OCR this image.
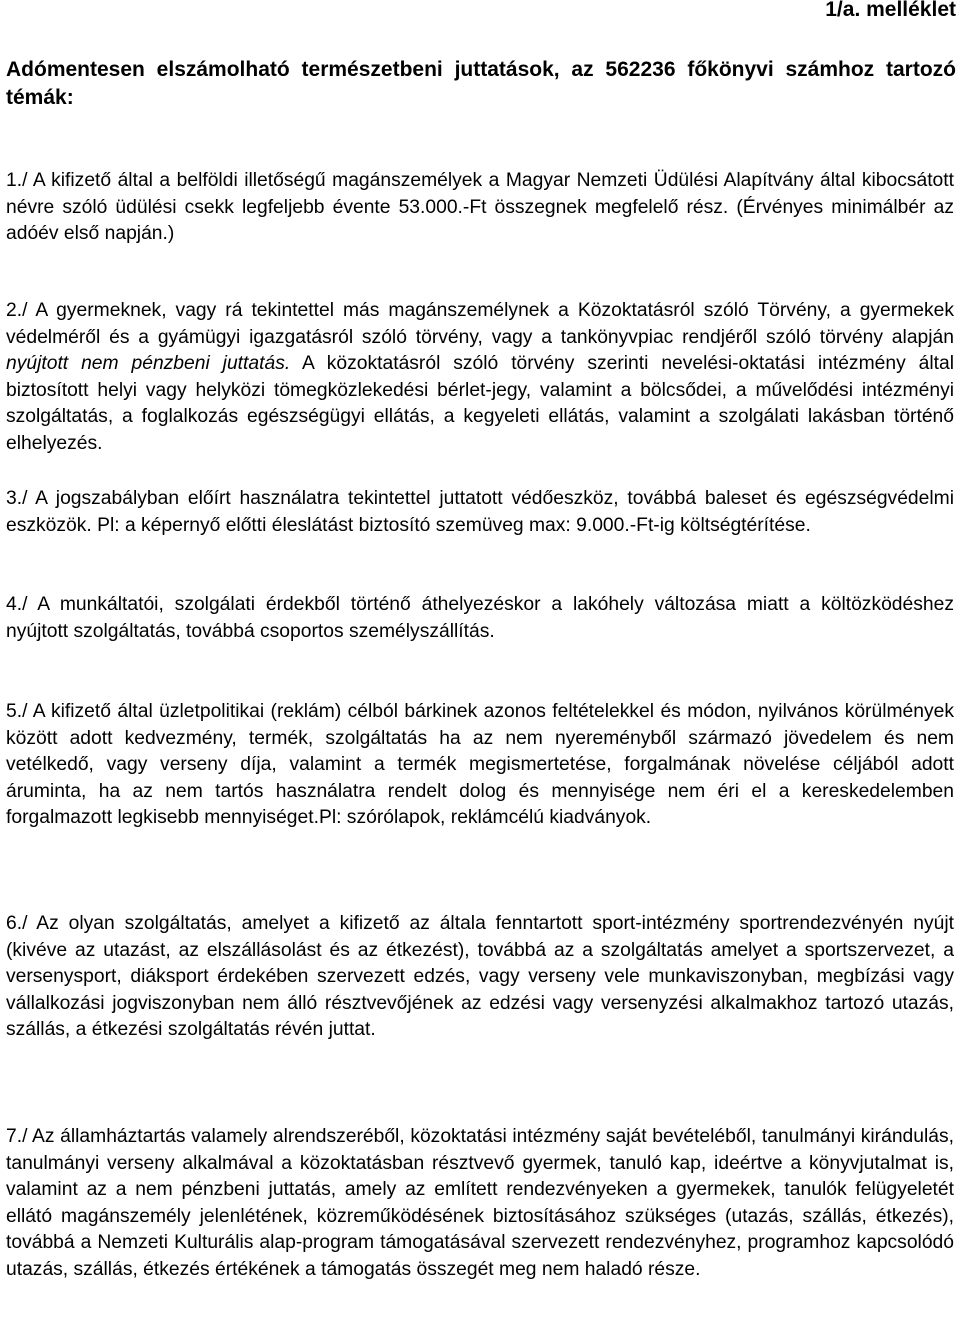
1/a. melléklet

Adómentesen elszámolható természetbeni juttatások, az 562236 főkönyvi számhoz tartozó témák:

1./ A kifizető által a belföldi illetőségű magánszemélyek a Magyar Nemzeti Üdülési Alapítvány által kibocsátott névre szóló üdülési csekk legfeljebb évente 53.000.-Ft összegnek megfelelő rész. (Érvényes minimálbér az adóév első napján.)

2./ A gyermeknek, vagy rá tekintettel más magánszemélynek a Közoktatásról szóló Törvény, a gyermekek védelméről és a gyámügyi igazgatásról szóló törvény, vagy a tankönyvpiac rendjéről szóló törvény alapján nyújtott nem pénzbeni juttatás. A közoktatásról szóló törvény szerinti nevelési-oktatási intézmény által biztosított helyi vagy helyközi tömegközlekedési bérlet-jegy, valamint a bölcsődei, a művelődési intézményi szolgáltatás, a foglalkozás egészségügyi ellátás, a kegyeleti ellátás, valamint a szolgálati lakásban történő elhelyezés.

3./ A jogszabályban előírt használatra tekintettel juttatott védőeszköz, továbbá baleset és egészségvédelmi eszközök. Pl: a képernyő előtti éleslátást biztosító szemüveg max: 9.000.-Ft-ig költségtérítése.

4./ A munkáltatói, szolgálati érdekből történő áthelyezéskor a lakóhely változása miatt a költözködéshez nyújtott szolgáltatás, továbbá csoportos személyszállítás.

5./ A kifizető által üzletpolitikai (reklám) célból bárkinek azonos feltételekkel és módon, nyilvános körülmények között adott kedvezmény, termék, szolgáltatás ha az nem nyereményből származó jövedelem és nem vetélkedő, vagy verseny díja, valamint a termék megismertetése, forgalmának növelése céljából adott áruminta, ha az nem tartós használatra rendelt dolog és mennyisége nem éri el a kereskedelemben forgalmazott legkisebb mennyiséget.Pl: szórólapok, reklámcélú kiadványok.

6./ Az olyan szolgáltatás, amelyet a kifizető az általa fenntartott sport-intézmény sportrendezvényén nyújt (kivéve az utazást, az elszállásolást és az étkezést), továbbá az a szolgáltatás amelyet a sportszervezet, a versenysport, diáksport érdekében szervezett edzés, vagy verseny vele munkaviszonyban, megbízási vagy vállalkozási jogviszonyban nem álló résztvevőjének az edzési vagy versenyzési alkalmakhoz tartozó utazás, szállás, a étkezési szolgáltatás révén juttat.

7./ Az államháztartás valamely alrendszeréből, közoktatási intézmény saját bevételéből, tanulmányi kirándulás, tanulmányi verseny alkalmával a közoktatásban résztvevő gyermek, tanuló kap, ideértve a könyvjutalmat is, valamint az a nem pénzbeni juttatás, amely az említett rendezvényeken a gyermekek, tanulók felügyeletét ellátó magánszemély jelenlétének, közreműködésének biztosításához szükséges (utazás, szállás, étkezés), továbbá a Nemzeti Kulturális alap-program támogatásával szervezett rendezvényhez, programhoz kapcsolódó utazás, szállás, étkezés értékének a támogatás összegét meg nem haladó része.
